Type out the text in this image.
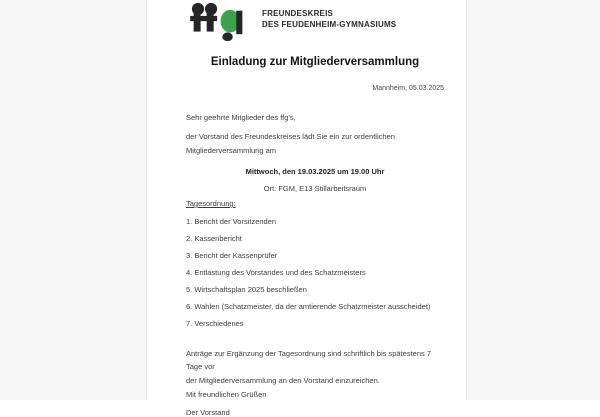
FREUNDESKREIS
DES FEUDENHEIM-GYMNASIUMS
Einladung zur Mitgliederversammlung

Mannheim, 05.03.2025

Sehr geehrte Mitglieder des ffg's,

der Vorstand des Freundeskreises lädt Sie ein zur ordentlichen
Mitgliederversammlung am

Mittwoch, den 19.03.2025 um 19.00 Uhr

Ort: FGM, E13 Stillarbeitsraum

Tagesordnung:

1. Bericht der Vorsitzenden

2. Kassenbericht

3. Bericht der Kassenprüfer

4. Entlastung des Vorstandes und des Schatzmeisters

5. Wirtschaftsplan 2025 beschließen

6. Wahlen (Schatzmeister, da der amtierende Schatzmeister ausscheidet)

7. Verschiedenes

Anträge zur Ergänzung der Tagesordnung sind schriftlich bis spätestens 7 Tage vor
der Mitgliederversammlung an den Vorstand einzureichen.

Mit freundlichen Grüßen

Der Vorstand
